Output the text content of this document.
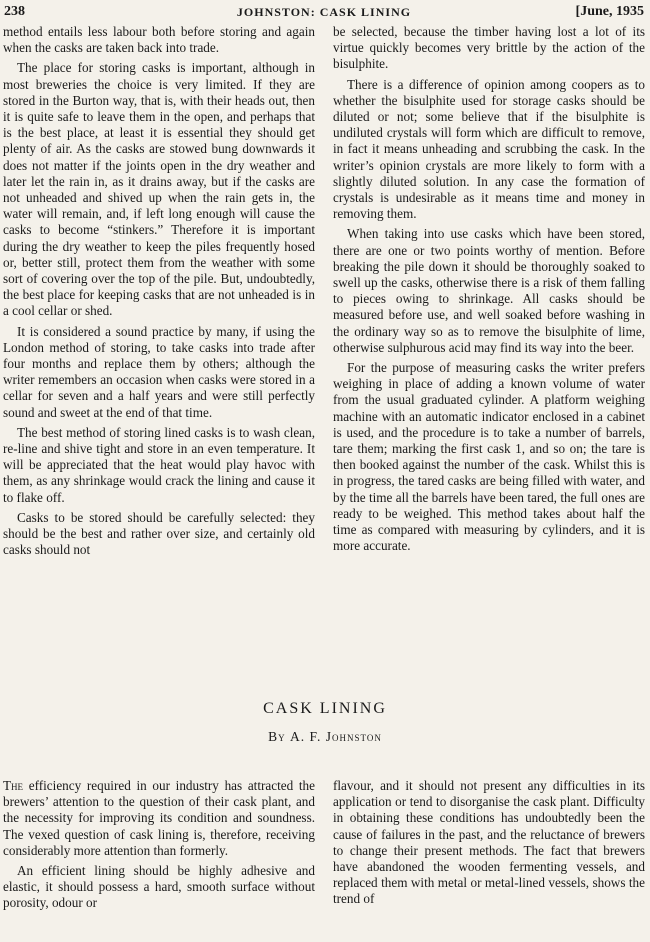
238	JOHNSTON: CASK LINING	[June, 1935

method entails less labour both before storing and again when the casks are taken back into trade.

The place for storing casks is important, although in most breweries the choice is very limited. If they are stored in the Burton way, that is, with their heads out, then it is quite safe to leave them in the open, and perhaps that is the best place, at least it is essential they should get plenty of air. As the casks are stowed bung downwards it does not matter if the joints open in the dry weather and later let the rain in, as it drains away, but if the casks are not unheaded and shived up when the rain gets in, the water will remain, and, if left long enough will cause the casks to become “stinkers.” Therefore it is important during the dry weather to keep the piles frequently hosed or, better still, protect them from the weather with some sort of covering over the top of the pile. But, undoubtedly, the best place for keeping casks that are not unheaded is in a cool cellar or shed.

It is considered a sound practice by many, if using the London method of storing, to take casks into trade after four months and replace them by others; although the writer remembers an occasion when casks were stored in a cellar for seven and a half years and were still perfectly sound and sweet at the end of that time.

The best method of storing lined casks is to wash clean, re-line and shive tight and store in an even temperature. It will be appreciated that the heat would play havoc with them, as any shrinkage would crack the lining and cause it to flake off.

Casks to be stored should be carefully selected: they should be the best and rather over size, and certainly old casks should not

be selected, because the timber having lost a lot of its virtue quickly becomes very brittle by the action of the bisulphite.

There is a difference of opinion among coopers as to whether the bisulphite used for storage casks should be diluted or not; some believe that if the bisulphite is undiluted crystals will form which are difficult to remove, in fact it means unheading and scrubbing the cask. In the writer’s opinion crystals are more likely to form with a slightly diluted solution. In any case the formation of crystals is undesirable as it means time and money in removing them.

When taking into use casks which have been stored, there are one or two points worthy of mention. Before breaking the pile down it should be thoroughly soaked to swell up the casks, otherwise there is a risk of them falling to pieces owing to shrinkage. All casks should be measured before use, and well soaked before washing in the ordinary way so as to remove the bisulphite of lime, otherwise sulphurous acid may find its way into the beer.

For the purpose of measuring casks the writer prefers weighing in place of adding a known volume of water from the usual graduated cylinder. A platform weighing machine with an automatic indicator enclosed in a cabinet is used, and the procedure is to take a number of barrels, tare them; marking the first cask 1, and so on; the tare is then booked against the number of the cask. Whilst this is in progress, the tared casks are being filled with water, and by the time all the barrels have been tared, the full ones are ready to be weighed. This method takes about half the time as compared with measuring by cylinders, and it is more accurate.

CASK LINING
By A. F. Johnston

The efficiency required in our industry has attracted the brewers’ attention to the question of their cask plant, and the necessity for improving its condition and soundness. The vexed question of cask lining is, therefore, receiving considerably more attention than formerly.

An efficient lining should be highly adhesive and elastic, it should possess a hard, smooth surface without porosity, odour or

flavour, and it should not present any difficulties in its application or tend to disorganise the cask plant. Difficulty in obtaining these conditions has undoubtedly been the cause of failures in the past, and the reluctance of brewers to change their present methods. The fact that brewers have abandoned the wooden fermenting vessels, and replaced them with metal or metal-lined vessels, shows the trend of
